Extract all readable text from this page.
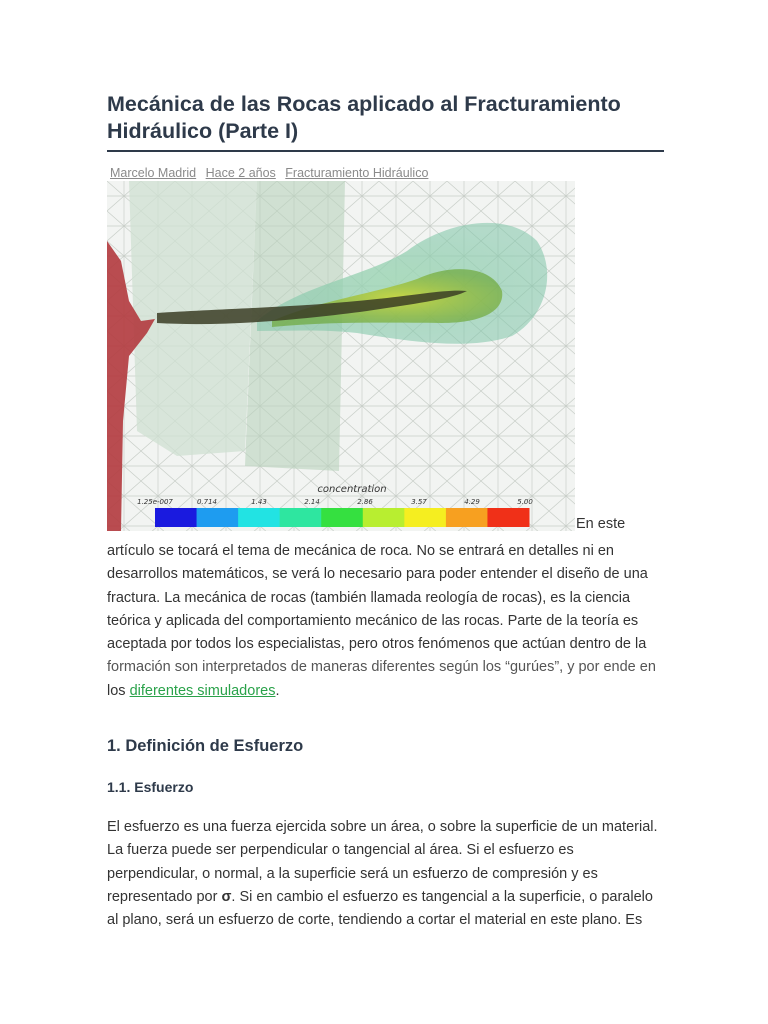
Mecánica de las Rocas aplicado al Fracturamiento Hidráulico (Parte I)
Marcelo Madrid Hace 2 años Fracturamiento Hidráulico
concentration
1.25e-007	0.714	1.43	2.14	2.86	3.57	4.29	5.00
En este

artículo se tocará el tema de mecánica de roca. No se entrará en detalles ni en desarrollos matemáticos, se verá lo necesario para poder entender el diseño de una fractura. La mecánica de rocas (también llamada reología de rocas), es la ciencia teórica y aplicada del comportamiento mecánico de las rocas. Parte de la teoría es aceptada por todos los especialistas, pero otros fenómenos que actúan dentro de la formación son interpretados de maneras diferentes según los “gurúes”, y por ende en los diferentes simuladores.

1. Definición de Esfuerzo
1.1. Esfuerzo

El esfuerzo es una fuerza ejercida sobre un área, o sobre la superficie de un material. La fuerza puede ser perpendicular o tangencial al área. Si el esfuerzo es perpendicular, o normal, a la superficie será un esfuerzo de compresión y es representado por σ. Si en cambio el esfuerzo es tangencial a la superficie, o paralelo al plano, será un esfuerzo de corte, tendiendo a cortar el material en este plano. Es
